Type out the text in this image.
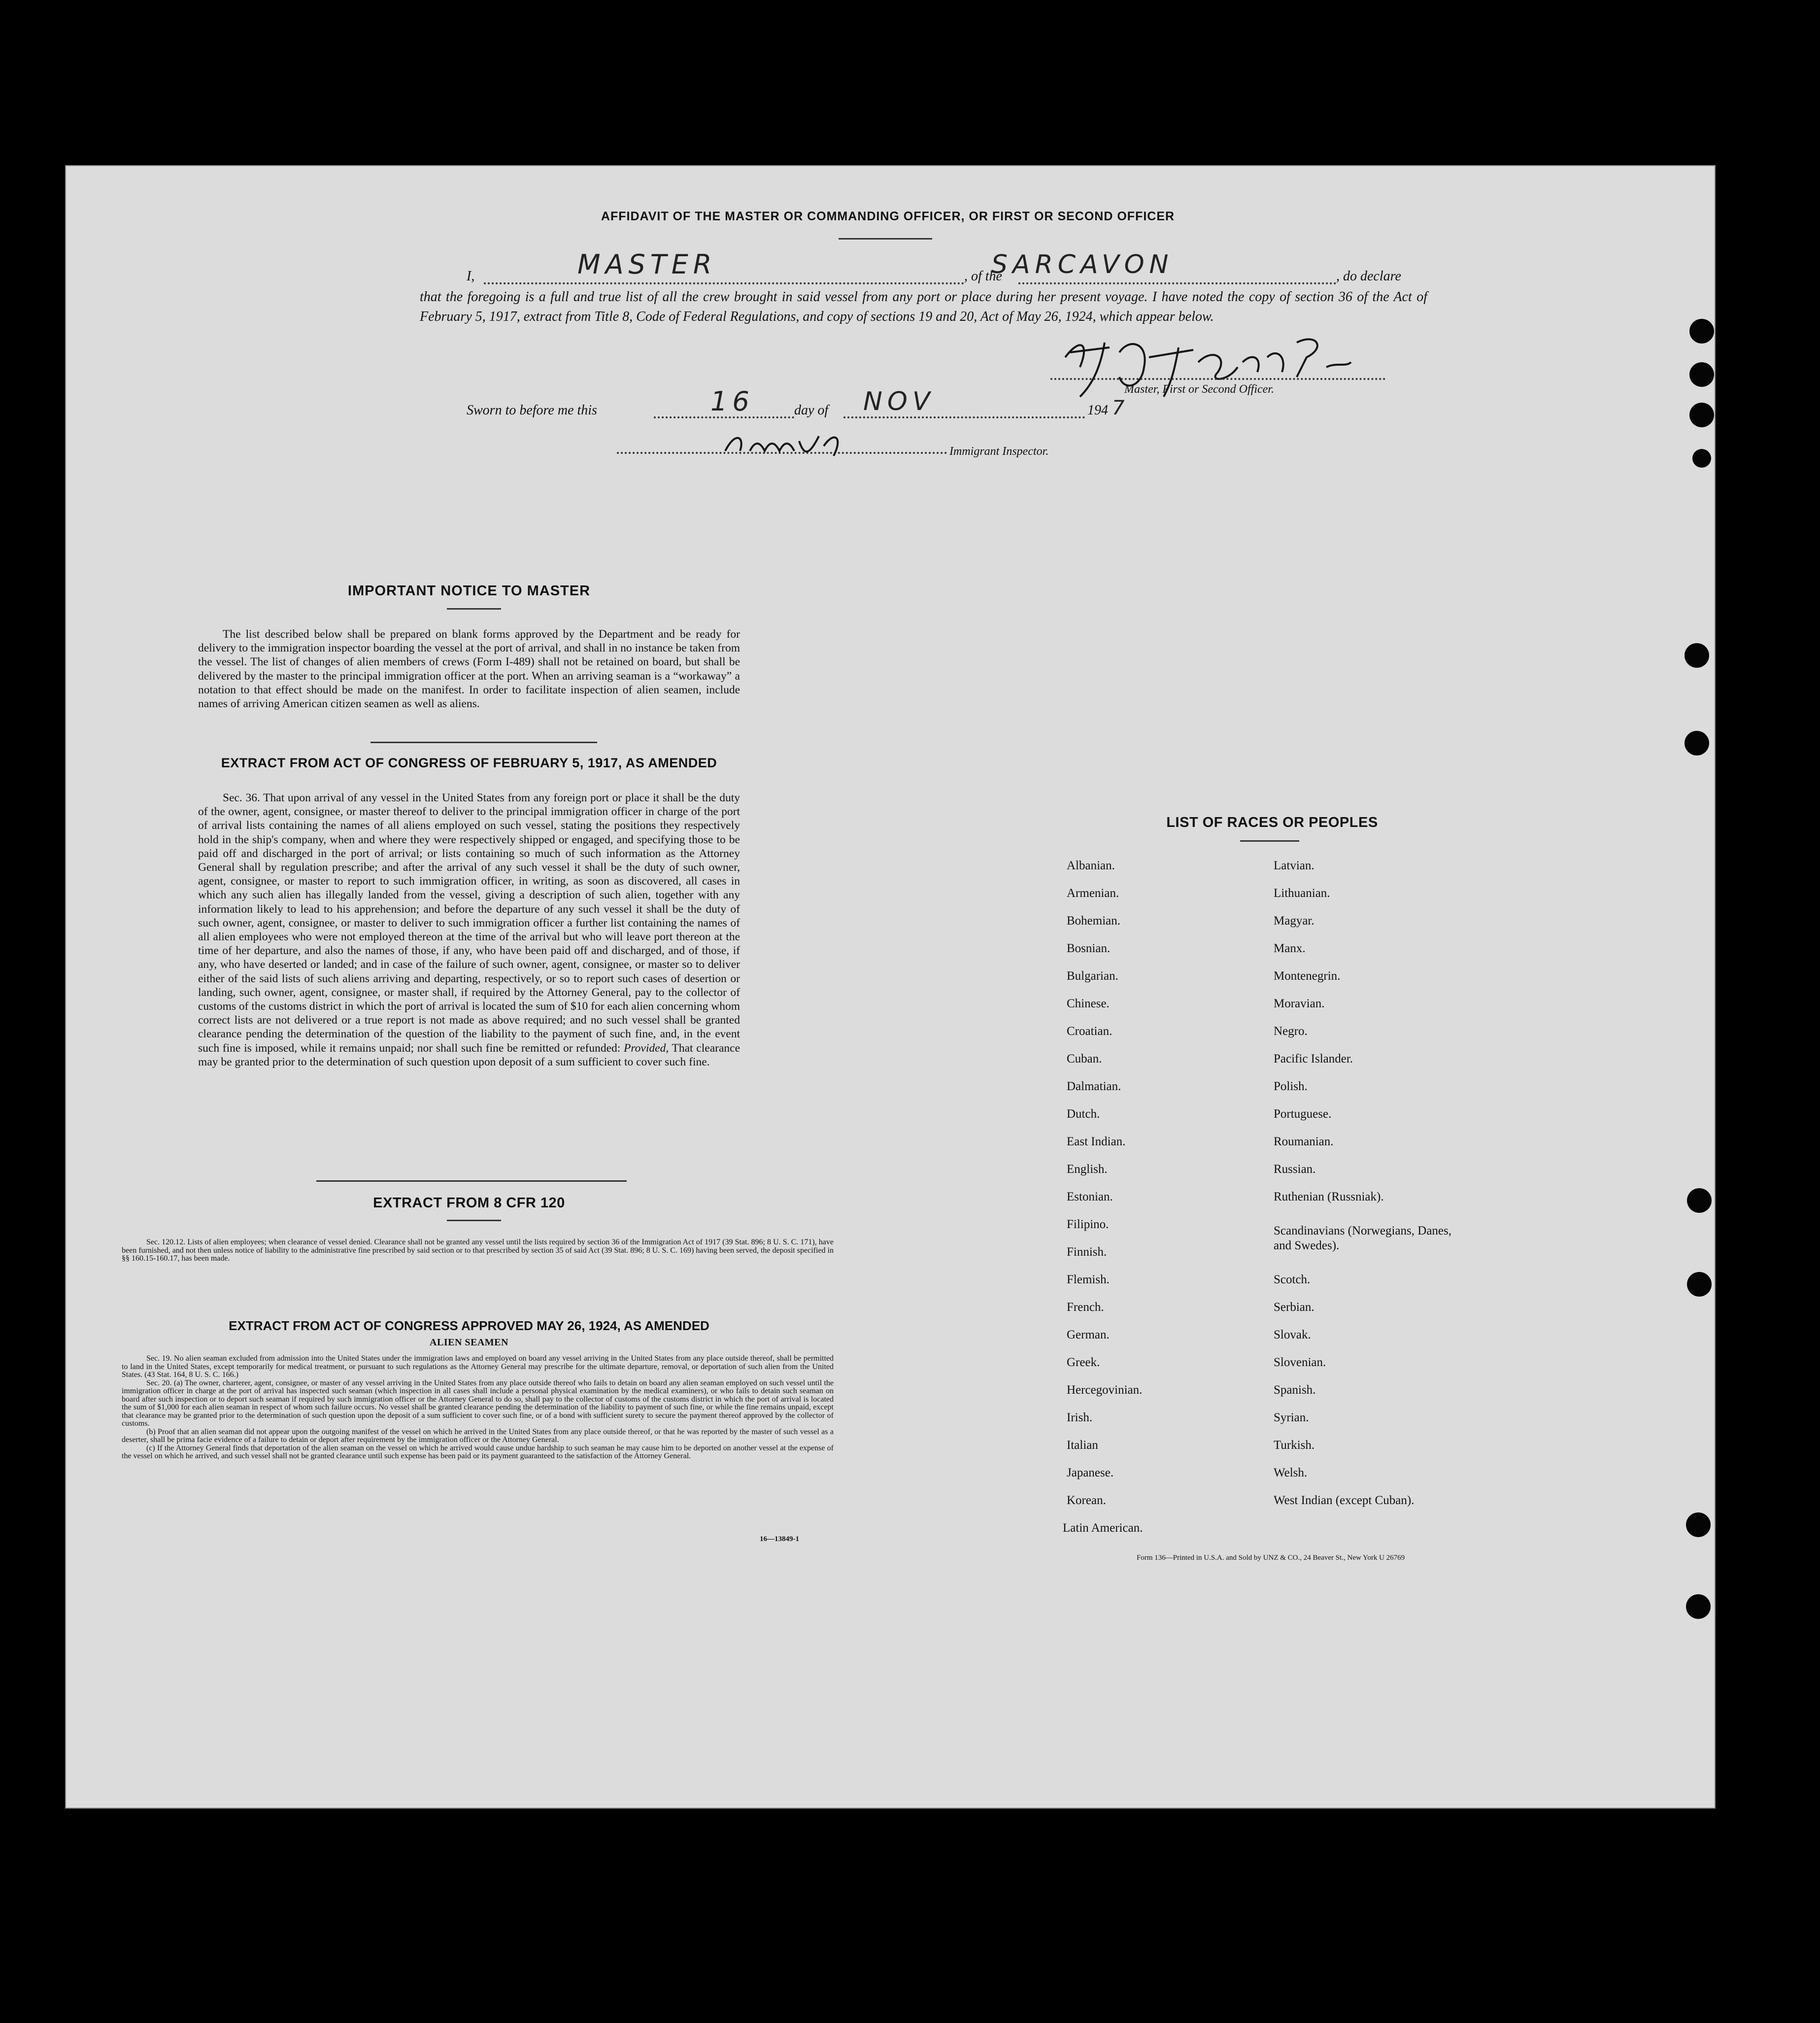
AFFIDAVIT OF THE MASTER OR COMMANDING OFFICER, OR FIRST OR SECOND OFFICER
I,	MASTER	, of the
SARCAVON	, do declare
that the foregoing is a full and true list of all the crew brought in said vessel from any port or place during her present voyage. I have noted the copy of section 36 of the Act of February 5, 1917, extract from Title 8, Code of Federal Regulations, and copy of sections 19 and 20, Act of May 26, 1924, which appear below.
Master, First or Second Officer.
Sworn to before me this	16	day of NOV	194 7
Immigrant Inspector.
IMPORTANT NOTICE TO MASTER
The list described below shall be prepared on blank forms approved by the Department and be ready for delivery to the immigration inspector boarding the vessel at the port of arrival, and shall in no instance be taken from the vessel. The list of changes of alien members of crews (Form I-489) shall not be retained on board, but shall be delivered by the master to the principal immigration officer at the port. When an arriving seaman is a “workaway” a notation to that effect should be made on the manifest. In order to facilitate inspection of alien seamen, include names of arriving American citizen seamen as well as aliens.
EXTRACT FROM ACT OF CONGRESS OF FEBRUARY 5, 1917, AS AMENDED

Sec. 36. That upon arrival of any vessel in the United States from any foreign port or place it shall be the duty of the owner, agent, consignee, or master thereof to deliver to the principal immigration officer in charge of the port of arrival lists containing the names of all aliens employed on such vessel, stating the positions they respectively hold in the ship's company, when and where they were respectively shipped or engaged, and specifying those to be paid off and discharged in the port of arrival; or lists containing so much of such information as the Attorney General shall by regulation prescribe; and after the arrival of any such vessel it shall be the duty of such owner, agent, consignee, or master to report to such immigration officer, in writing, as soon as discovered, all cases in which any such alien has illegally landed from the vessel, giving a description of such alien, together with any information likely to lead to his apprehension; and before the departure of any such vessel it shall be the duty of such owner, agent, consignee, or master to deliver to such immigration officer a further list containing the names of all alien employees who were not employed thereon at the time of the arrival but who will leave port thereon at the time of her departure, and also the names of those, if any, who have been paid off and discharged, and of those, if any, who have deserted or landed; and in case of the failure of such owner, agent, consignee, or master so to deliver either of the said lists of such aliens arriving and departing, respectively, or so to report such cases of desertion or landing, such owner, agent, consignee, or master shall, if required by the Attorney General, pay to the collector of customs of the customs district in which the port of arrival is located the sum of $10 for each alien concerning whom correct lists are not delivered or a true report is not made as above required; and no such vessel shall be granted clearance pending the determination of the question of the liability to the payment of such fine, and, in the event such fine is imposed, while it remains unpaid; nor shall such fine be remitted or refunded: Provided, That clearance may be granted prior to the determination of such question upon deposit of a sum sufficient to cover such fine.

EXTRACT FROM 8 CFR 120
Sec. 120.12. Lists of alien employees; when clearance of vessel denied. Clearance shall not be granted any vessel until the lists required by section 36 of the Immigration Act of 1917 (39 Stat. 896; 8 U. S. C. 171), have been furnished, and not then unless notice of liability to the administrative fine prescribed by said section or to that prescribed by section 35 of said Act (39 Stat. 896; 8 U. S. C. 169) having been served, the deposit specified in §§ 160.15-160.17, has been made.
EXTRACT FROM ACT OF CONGRESS APPROVED MAY 26, 1924, AS AMENDED
ALIEN SEAMEN

Sec. 19. No alien seaman excluded from admission into the United States under the immigration laws and employed on board any vessel arriving in the United States from any place outside thereof, shall be permitted to land in the United States, except temporarily for medical treatment, or pursuant to such regulations as the Attorney General may prescribe for the ultimate departure, removal, or deportation of such alien from the United States. (43 Stat. 164, 8 U. S. C. 166.)

Sec. 20. (a) The owner, charterer, agent, consignee, or master of any vessel arriving in the United States from any place outside thereof who fails to detain on board any alien seaman employed on such vessel until the immigration officer in charge at the port of arrival has inspected such seaman (which inspection in all cases shall include a personal physical examination by the medical examiners), or who fails to detain such seaman on board after such inspection or to deport such seaman if required by such immigration officer or the Attorney General to do so, shall pay to the collector of customs of the customs district in which the port of arrival is located the sum of $1,000 for each alien seaman in respect of whom such failure occurs. No vessel shall be granted clearance pending the determination of the liability to payment of such fine, or while the fine remains unpaid, except that clearance may be granted prior to the determination of such question upon the deposit of a sum sufficient to cover such fine, or of a bond with sufficient surety to secure the payment thereof approved by the collector of customs.

(b) Proof that an alien seaman did not appear upon the outgoing manifest of the vessel on which he arrived in the United States from any place outside thereof, or that he was reported by the master of such vessel as a deserter, shall be prima facie evidence of a failure to detain or deport after requirement by the immigration officer or the Attorney General.

(c) If the Attorney General finds that deportation of the alien seaman on the vessel on which he arrived would cause undue hardship to such seaman he may cause him to be deported on another vessel at the expense of the vessel on which he arrived, and such vessel shall not be granted clearance until such expense has been paid or its payment guaranteed to the satisfaction of the Attorney General.

16—13849-1
LIST OF RACES OR PEOPLES
Albanian.
Armenian.
Bohemian.
Bosnian.
Bulgarian.
Chinese.
Croatian.
Cuban.
Dalmatian.
Dutch.
East Indian.
English.
Estonian.
Filipino.
Finnish.
Flemish.
French.
German.
Greek.
Hercegovinian.
Irish.
Italian
Japanese.
Korean.
Latin American.
Latvian.
Lithuanian.
Magyar.
Manx.
Montenegrin.
Moravian.
Negro.
Pacific Islander.
Polish.
Portuguese.
Roumanian.
Russian.
Ruthenian (Russniak).
Scandinavians (Norwegians, Danes, and Swedes).
Scotch.
Serbian.
Slovak.
Slovenian.
Spanish.
Syrian.
Turkish.
Welsh.
West Indian (except Cuban).
Form 136—Printed in U.S.A. and Sold by UNZ & CO., 24 Beaver St., New York U 26769
